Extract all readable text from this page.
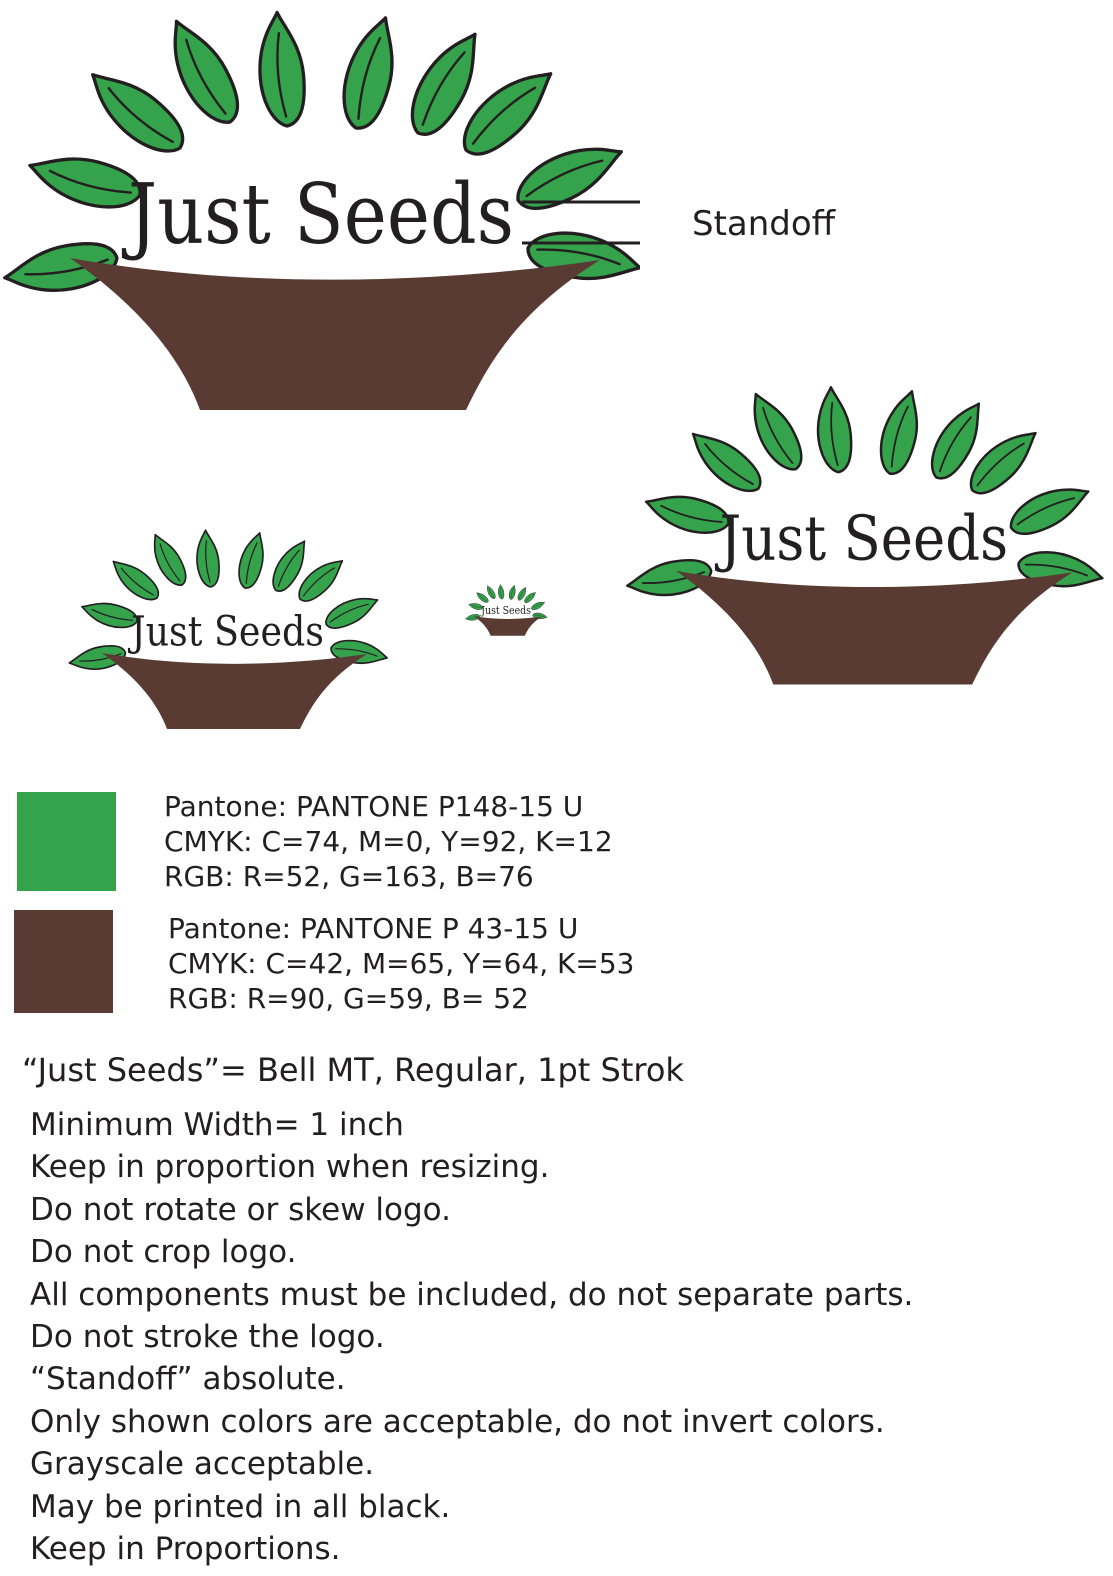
Just Seeds	Standoff
Just Seeds
Just Seeds Just Seeds
Pantone: PANTONE P148-15 U
CMYK: C=74, M=0, Y=92, K=12
RGB: R=52, G=163, B=76
Pantone: PANTONE P 43-15 U
CMYK: C=42, M=65, Y=64, K=53
RGB: R=90, G=59, B= 52
“Just Seeds”= Bell MT, Regular, 1pt Strok
Minimum Width= 1 inch
Keep in proportion when resizing.
Do not rotate or skew logo.
Do not crop logo.
All components must be included, do not separate parts.
Do not stroke the logo.
“Standoff” absolute.
Only shown colors are acceptable, do not invert colors.
Grayscale acceptable.
May be printed in all black.
Keep in Proportions.
